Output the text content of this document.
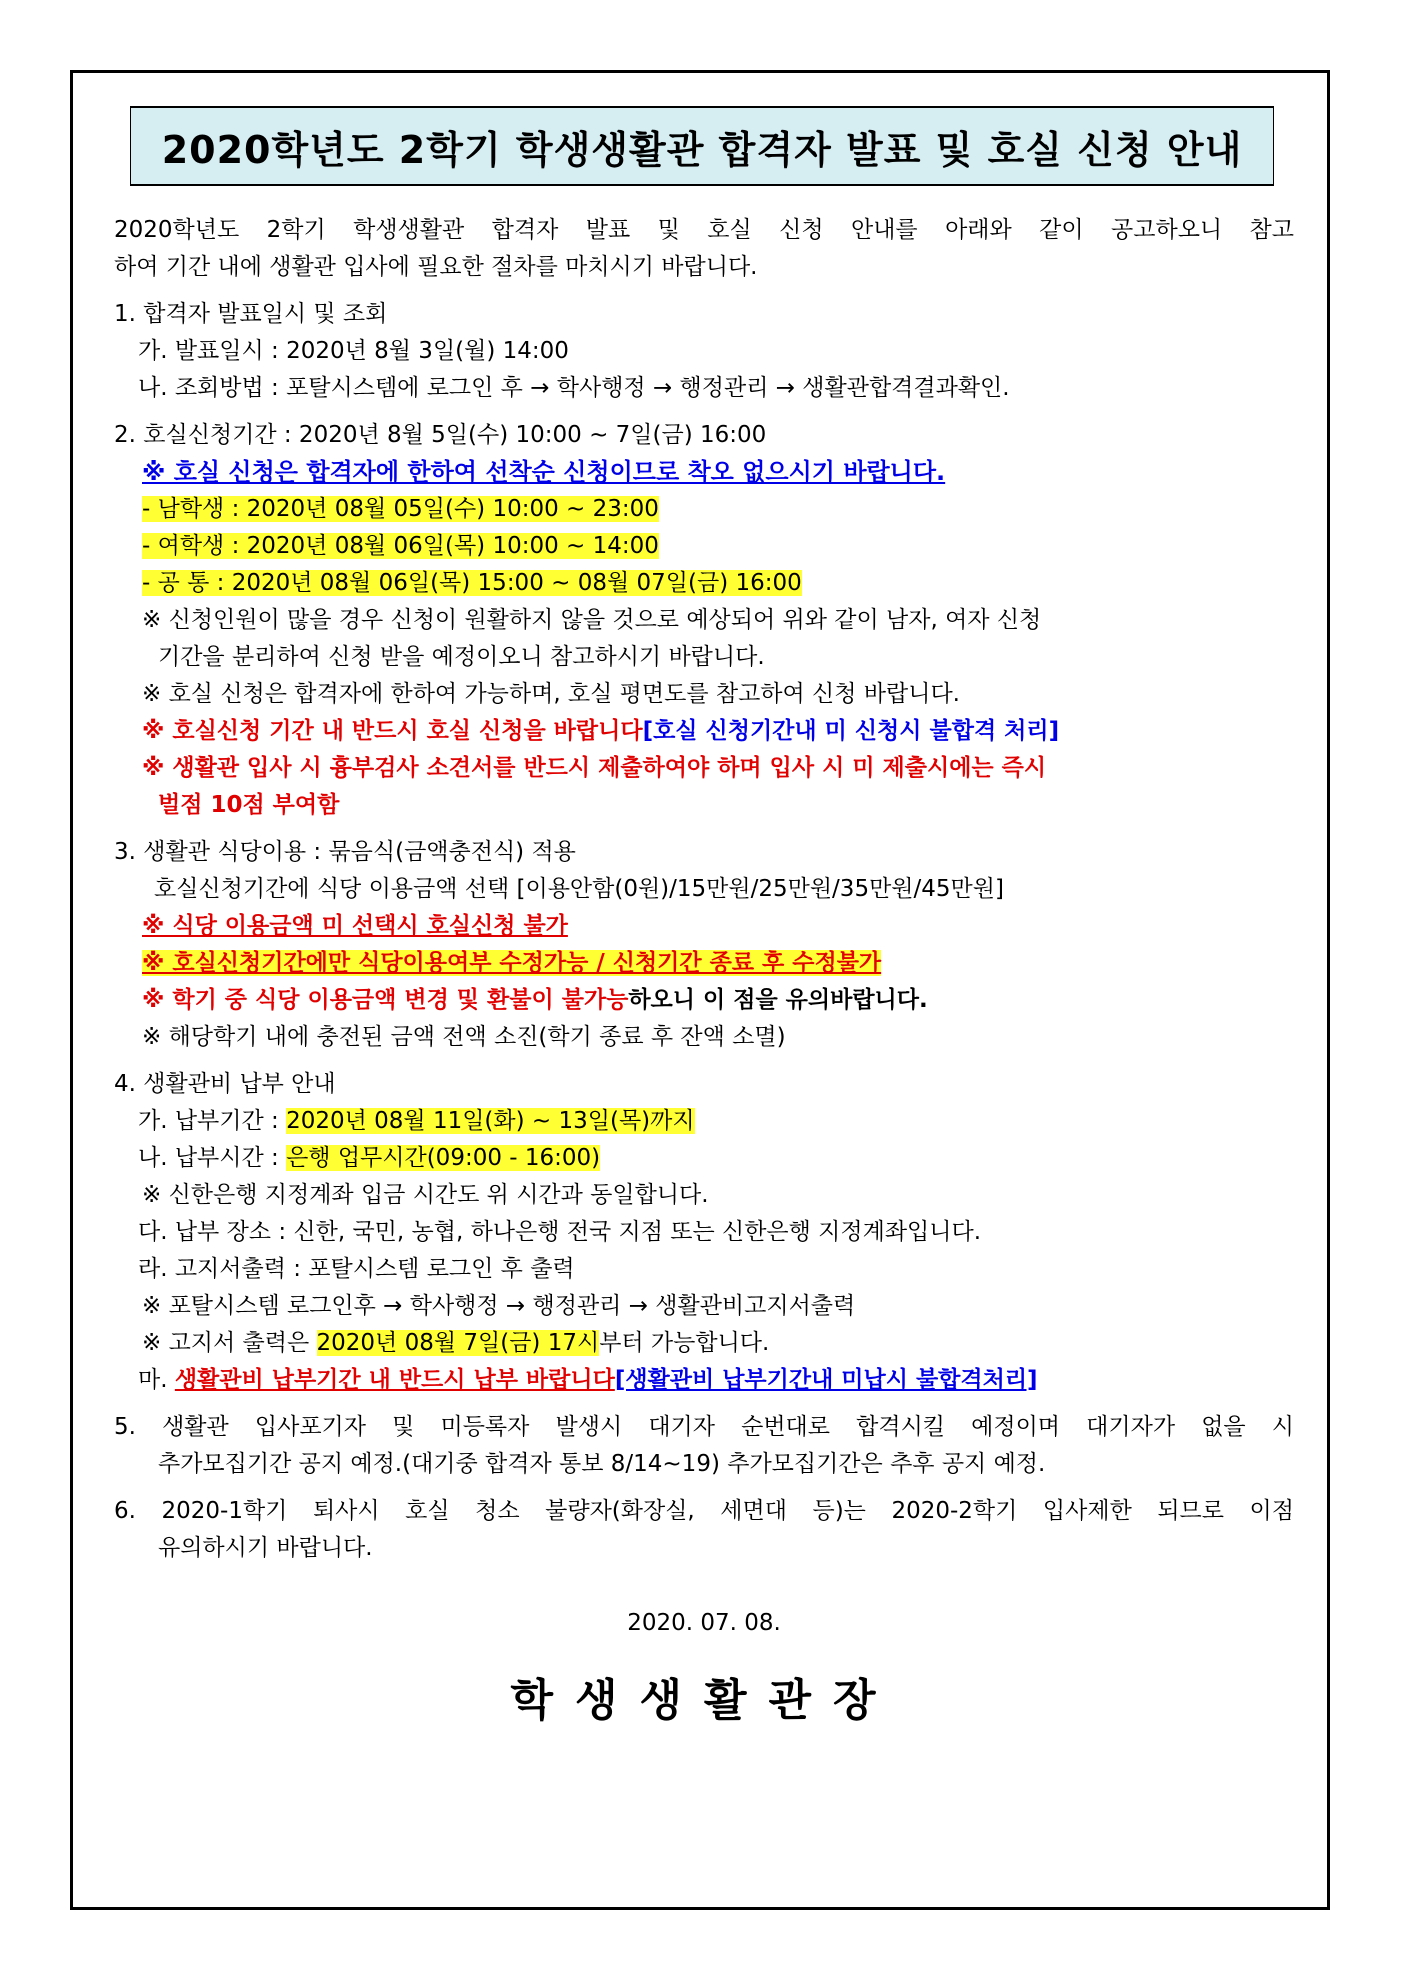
2020학년도 2학기 학생생활관 합격자 발표 및 호실 신청 안내
2020학년도 2학기 학생생활관 합격자 발표 및 호실 신청 안내를 아래와 같이 공고하오니 참고
하여 기간 내에 생활관 입사에 필요한 절차를 마치시기 바랍니다.
1. 합격자 발표일시 및 조회
가. 발표일시 : 2020년 8월 3일(월) 14:00
나. 조회방법 : 포탈시스템에 로그인 후 → 학사행정 → 행정관리 → 생활관합격결과확인.
2. 호실신청기간 : 2020년 8월 5일(수) 10:00 ~ 7일(금) 16:00
※ 호실 신청은 합격자에 한하여 선착순 신청이므로 착오 없으시기 바랍니다.
- 남학생 : 2020년 08월 05일(수) 10:00 ~ 23:00
- 여학생 : 2020년 08월 06일(목) 10:00 ~ 14:00
- 공 통 : 2020년 08월 06일(목) 15:00 ~ 08월 07일(금) 16:00
※ 신청인원이 많을 경우 신청이 원활하지 않을 것으로 예상되어 위와 같이 남자, 여자 신청
기간을 분리하여 신청 받을 예정이오니 참고하시기 바랍니다.
※ 호실 신청은 합격자에 한하여 가능하며, 호실 평면도를 참고하여 신청 바랍니다.
※ 호실신청 기간 내 반드시 호실 신청을 바랍니다[호실 신청기간내 미 신청시 불합격 처리]
※ 생활관 입사 시 흉부검사 소견서를 반드시 제출하여야 하며 입사 시 미 제출시에는 즉시
벌점 10점 부여함
3. 생활관 식당이용 : 묶음식(금액충전식) 적용
호실신청기간에 식당 이용금액 선택 [이용안함(0원)/15만원/25만원/35만원/45만원]
※ 식당 이용금액 미 선택시 호실신청 불가
※ 호실신청기간에만 식당이용여부 수정가능 / 신청기간 종료 후 수정불가
※ 학기 중 식당 이용금액 변경 및 환불이 불가능하오니 이 점을 유의바랍니다.
※ 해당학기 내에 충전된 금액 전액 소진(학기 종료 후 잔액 소멸)
4. 생활관비 납부 안내
가. 납부기간 : 2020년 08월 11일(화) ~ 13일(목)까지
나. 납부시간 : 은행 업무시간(09:00 - 16:00)
※ 신한은행 지정계좌 입금 시간도 위 시간과 동일합니다.
다. 납부 장소 : 신한, 국민, 농협, 하나은행 전국 지점 또는 신한은행 지정계좌입니다.
라. 고지서출력 : 포탈시스템 로그인 후 출력
※ 포탈시스템 로그인후 → 학사행정 → 행정관리 → 생활관비고지서출력
※ 고지서 출력은 2020년 08월 7일(금) 17시부터 가능합니다.
마. 생활관비 납부기간 내 반드시 납부 바랍니다[생활관비 납부기간내 미납시 불합격처리]
5. 생활관 입사포기자 및 미등록자 발생시 대기자 순번대로 합격시킬 예정이며 대기자가 없을 시
추가모집기간 공지 예정.(대기중 합격자 통보 8/14~19) 추가모집기간은 추후 공지 예정.
6. 2020-1학기 퇴사시 호실 청소 불량자(화장실, 세면대 등)는 2020-2학기 입사제한 되므로 이점
유의하시기 바랍니다.
2020. 07. 08.
학생생활관장
